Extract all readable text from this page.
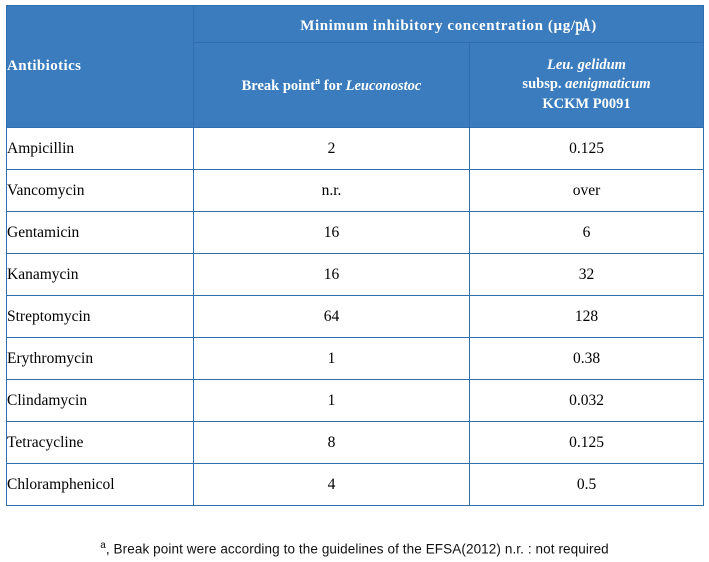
Antibiotics	Minimum inhibitory concentration (µg/㎀)	
	Break point$^a$ for Leuconostoc	Leu. gelidum
subsp. aenigmaticum
KCKM P0091

Ampicillin	2	0.125
Vancomycin	n.r.	over
Gentamicin	16	6
Kanamycin	16	32
Streptomycin	64	128
Erythromycin	1	0.38
Clindamycin	1	0.032
Tetracycline	8	0.125
Chloramphenicol	4	0.5
$^a$, Break point were according to the guidelines of the EFSA(2012) n.r. : not required
